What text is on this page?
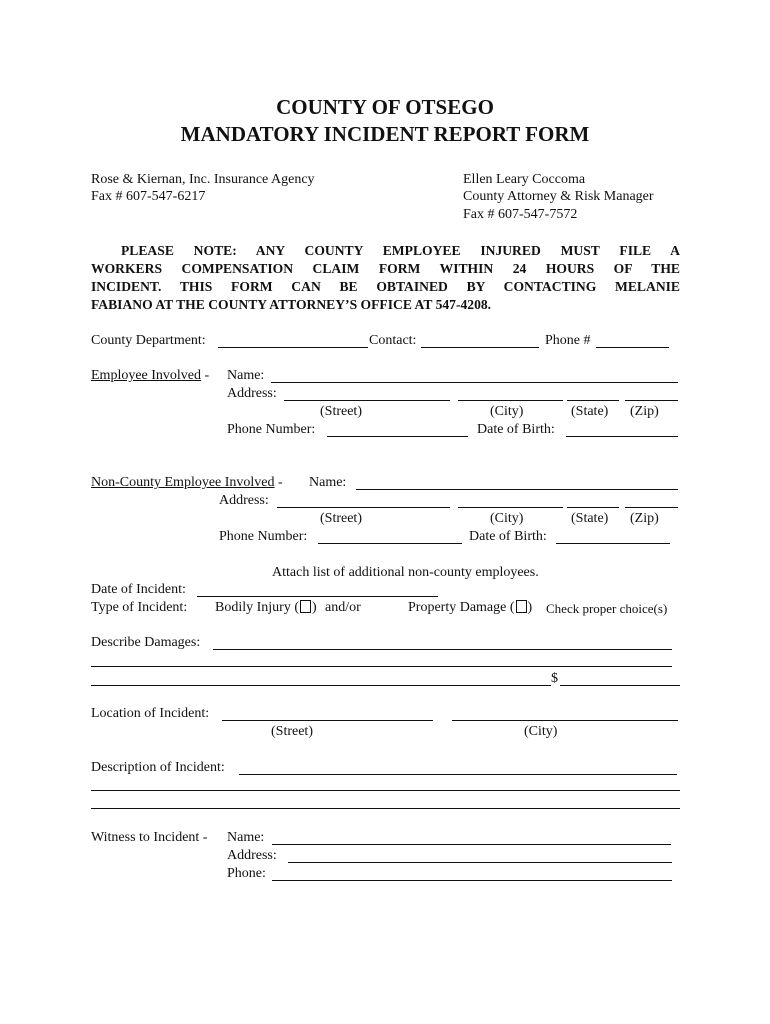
COUNTY OF OTSEGO
MANDATORY INCIDENT REPORT FORM
Rose & Kiernan, Inc. Insurance Agency
Fax # 607-547-6217
Ellen Leary Coccoma
County Attorney & Risk Manager
Fax # 607-547-7572
PLEASE NOTE: ANY COUNTY EMPLOYEE INJURED MUST FILE A
WORKERS COMPENSATION CLAIM FORM WITHIN 24 HOURS OF THE
INCIDENT. THIS FORM CAN BE OBTAINED BY CONTACTING MELANIE
FABIANO AT THE COUNTY ATTORNEY’S OFFICE AT 547-4208.
County Department:	Contact:	Phone #
Employee Involved - Name:
Address:
(Street)	(City)	(State) (Zip)
Phone Number:	Date of Birth:
Non-County Employee Involved - Name:
Address:
(Street)	(City)	(State) (Zip)
Phone Number:	Date of Birth:
Attach list of additional non-county employees.
Date of Incident:
Type of Incident: Bodily Injury ( ) and/or	Property Damage ( ) Check proper choice(s)
Describe Damages:
$
Location of Incident:
(Street)	(City)
Description of Incident:
Witness to Incident - Name:
Address:
Phone:
